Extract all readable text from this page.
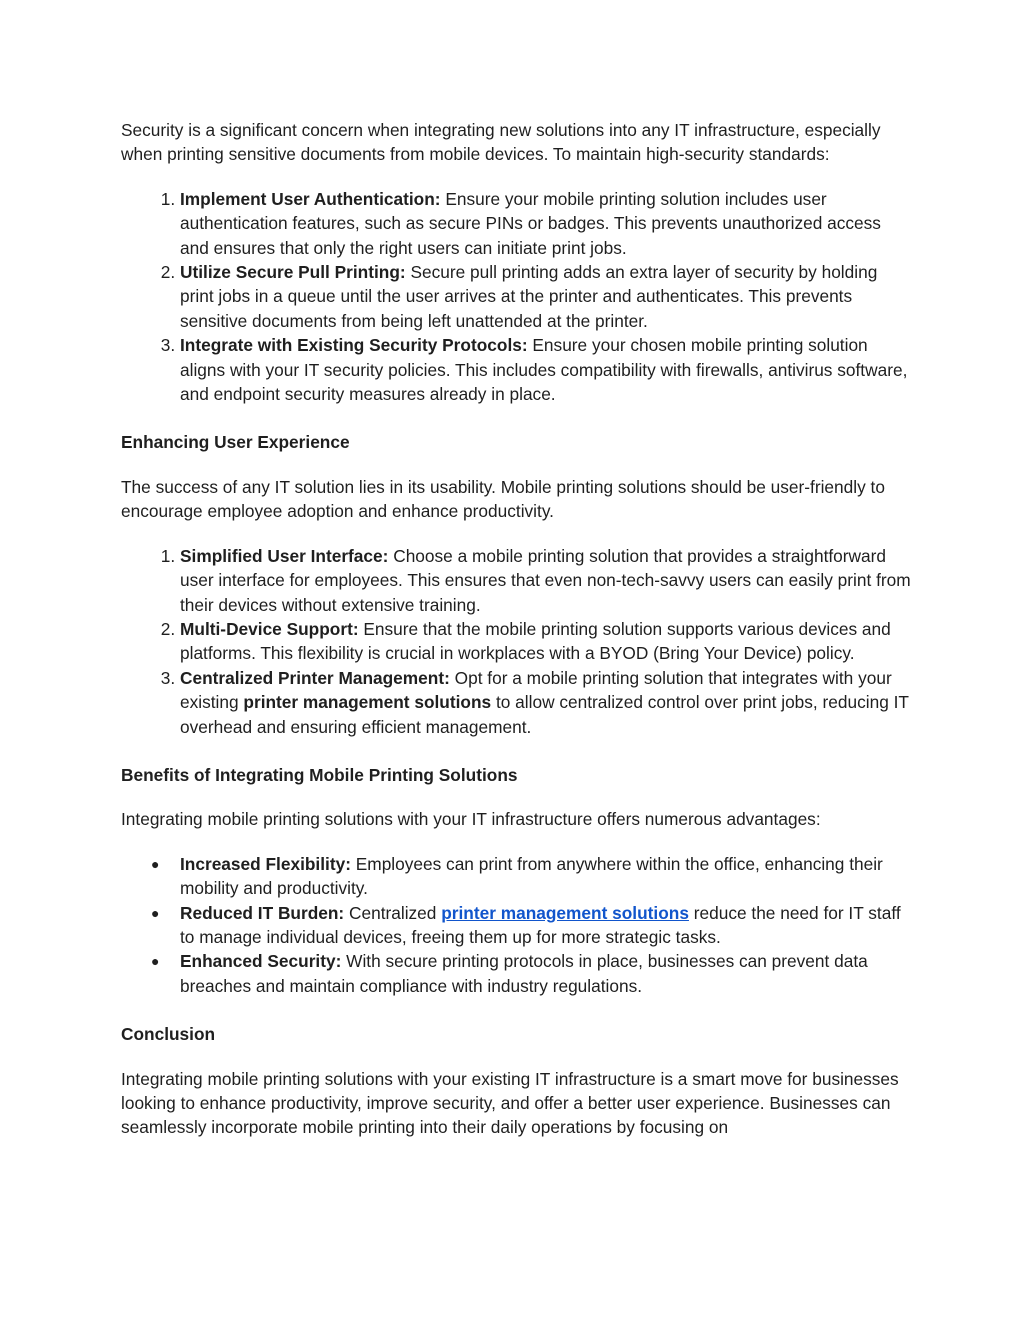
Security is a significant concern when integrating new solutions into any IT infrastructure, especially when printing sensitive documents from mobile devices. To maintain high-security standards:

1. Implement User Authentication: Ensure your mobile printing solution includes user authentication features, such as secure PINs or badges. This prevents unauthorized access and ensures that only the right users can initiate print jobs.
2. Utilize Secure Pull Printing: Secure pull printing adds an extra layer of security by holding print jobs in a queue until the user arrives at the printer and authenticates. This prevents sensitive documents from being left unattended at the printer.
3. Integrate with Existing Security Protocols: Ensure your chosen mobile printing solution aligns with your IT security policies. This includes compatibility with firewalls, antivirus software, and endpoint security measures already in place.

Enhancing User Experience

The success of any IT solution lies in its usability. Mobile printing solutions should be user-friendly to encourage employee adoption and enhance productivity.

1. Simplified User Interface: Choose a mobile printing solution that provides a straightforward user interface for employees. This ensures that even non-tech-savvy users can easily print from their devices without extensive training.
2. Multi-Device Support: Ensure that the mobile printing solution supports various devices and platforms. This flexibility is crucial in workplaces with a BYOD (Bring Your Device) policy.
3. Centralized Printer Management: Opt for a mobile printing solution that integrates with your existing printer management solutions to allow centralized control over print jobs, reducing IT overhead and ensuring efficient management.

Benefits of Integrating Mobile Printing Solutions

Integrating mobile printing solutions with your IT infrastructure offers numerous advantages:

● Increased Flexibility: Employees can print from anywhere within the office, enhancing their mobility and productivity.
● Reduced IT Burden: Centralized printer management solutions reduce the need for IT staff to manage individual devices, freeing them up for more strategic tasks.
● Enhanced Security: With secure printing protocols in place, businesses can prevent data breaches and maintain compliance with industry regulations.

Conclusion

Integrating mobile printing solutions with your existing IT infrastructure is a smart move for businesses looking to enhance productivity, improve security, and offer a better user experience. Businesses can seamlessly incorporate mobile printing into their daily operations by focusing on
